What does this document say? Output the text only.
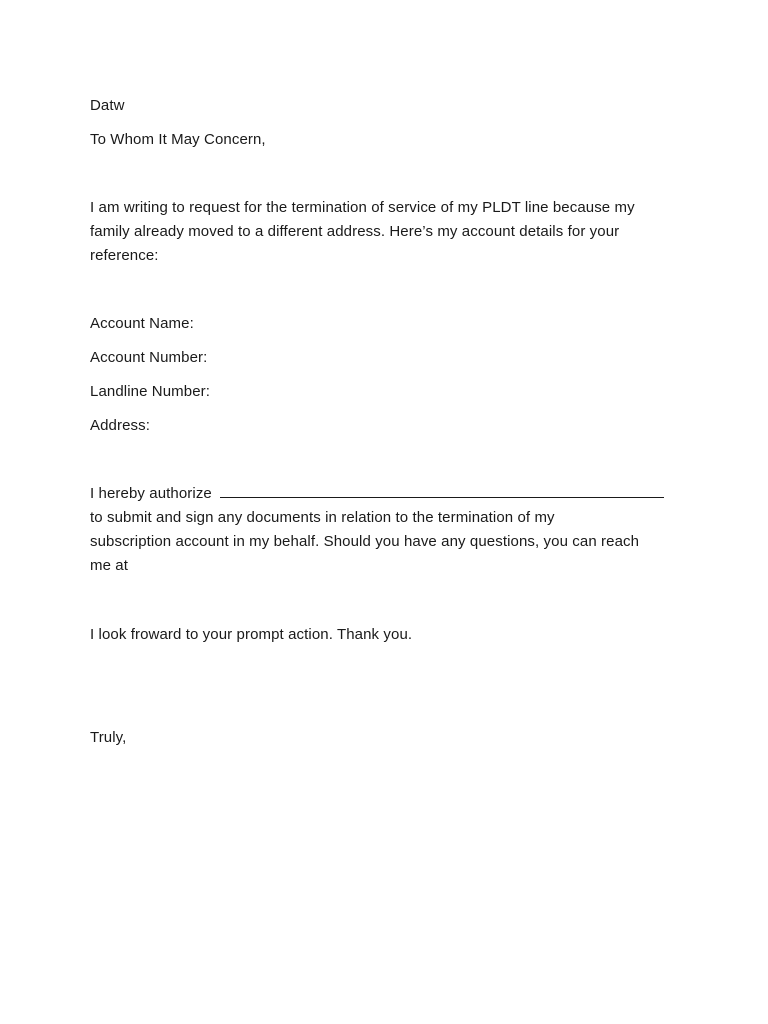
Datw
To Whom It May Concern,
I am writing to request for the termination of service of my PLDT line because my
family already moved to a different address. Here’s my account details for your
reference:
Account Name:
Account Number:
Landline Number:
Address:
I hereby authorize
to submit and sign any documents in relation to the termination of my
subscription account in my behalf. Should you have any questions, you can reach
me at
I look froward to your prompt action. Thank you.
Truly,
